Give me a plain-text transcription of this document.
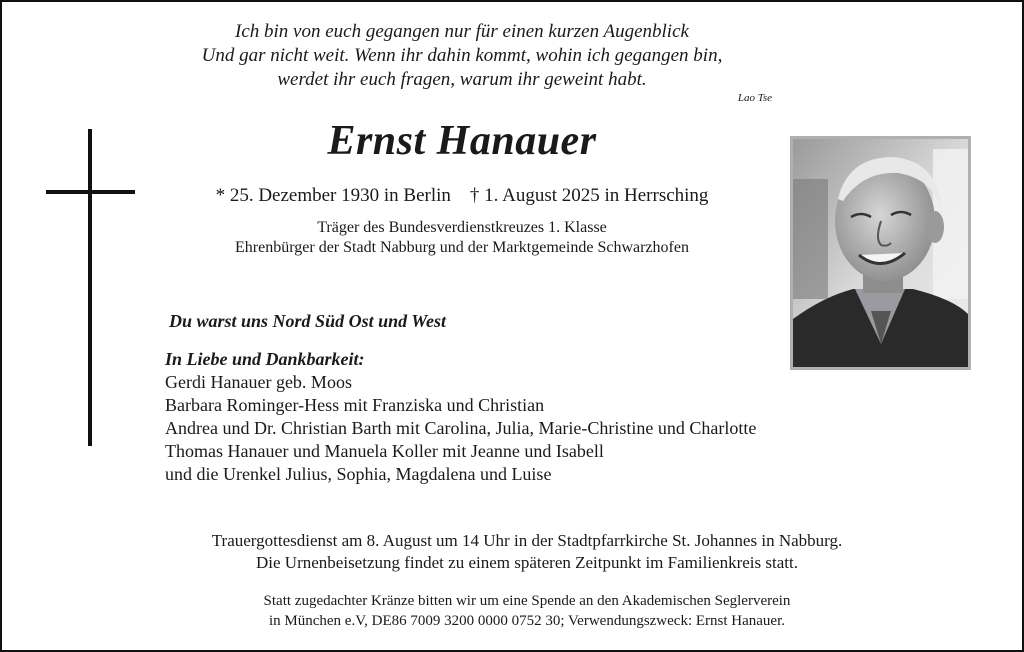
Ich bin von euch gegangen nur für einen kurzen Augenblick
Und gar nicht weit. Wenn ihr dahin kommt, wohin ich gegangen bin,
werdet ihr euch fragen, warum ihr geweint habt.
Lao Tse
Ernst Hanauer
* 25. Dezember 1930 in Berlin    † 1. August 2025 in Herrsching
Träger des Bundesverdienstkreuzes 1. Klasse
Ehrenbürger der Stadt Nabburg und der Marktgemeinde Schwarzhofen
Du warst uns Nord Süd Ost und West
In Liebe und Dankbarkeit:
Gerdi Hanauer geb. Moos
Barbara Rominger-Hess mit Franziska und Christian
Andrea und Dr. Christian Barth mit Carolina, Julia, Marie-Christine und Charlotte
Thomas Hanauer und Manuela Koller mit Jeanne und Isabell
und die Urenkel Julius, Sophia, Magdalena und Luise
Trauergottesdienst am 8. August um 14 Uhr in der Stadtpfarrkirche St. Johannes in Nabburg.
Die Urnenbeisetzung findet zu einem späteren Zeitpunkt im Familienkreis statt.
Statt zugedachter Kränze bitten wir um eine Spende an den Akademischen Seglerverein
in München e.V, DE86 7009 3200 0000 0752 30; Verwendungszweck: Ernst Hanauer.
